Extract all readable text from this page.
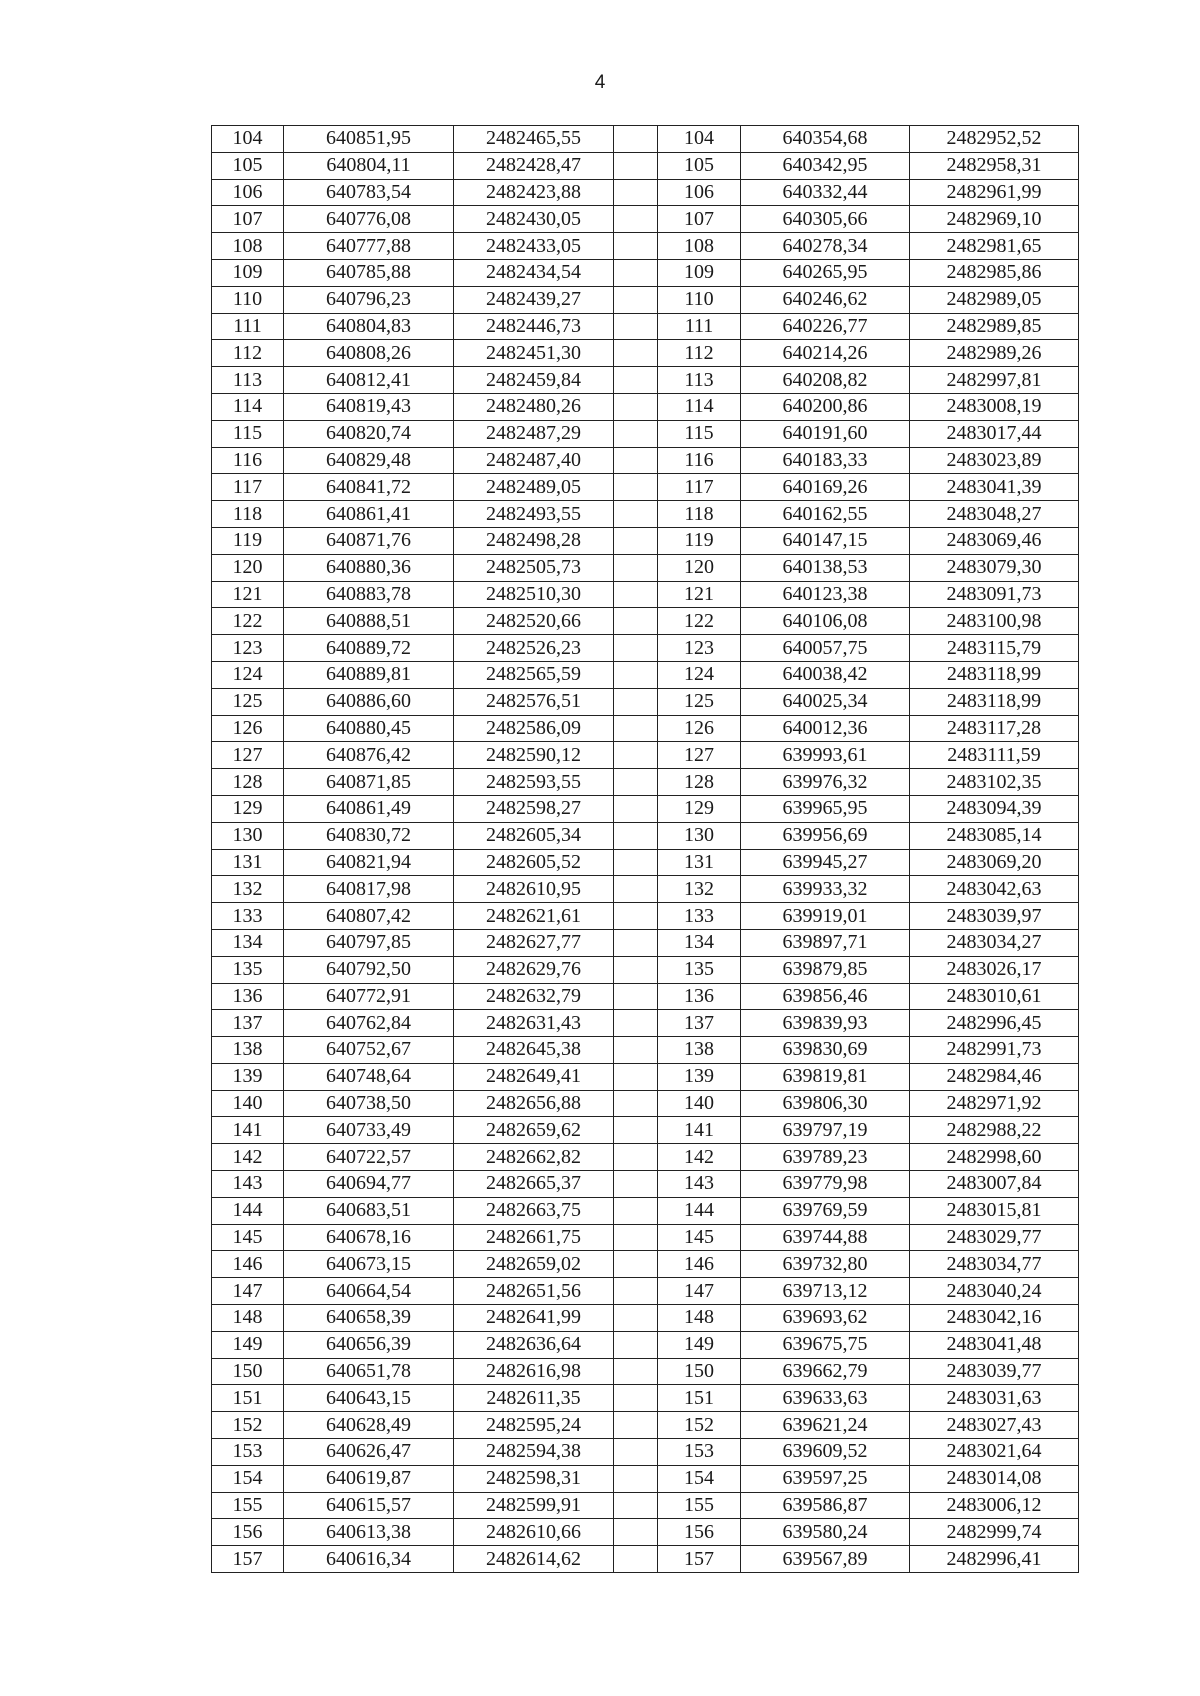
4
104	640851,95	2482465,55		104	640354,68	2482952,52
105	640804,11	2482428,47		105	640342,95	2482958,31
106	640783,54	2482423,88		106	640332,44	2482961,99
107	640776,08	2482430,05		107	640305,66	2482969,10
108	640777,88	2482433,05		108	640278,34	2482981,65
109	640785,88	2482434,54		109	640265,95	2482985,86
110	640796,23	2482439,27		110	640246,62	2482989,05
111	640804,83	2482446,73		111	640226,77	2482989,85
112	640808,26	2482451,30		112	640214,26	2482989,26
113	640812,41	2482459,84		113	640208,82	2482997,81
114	640819,43	2482480,26		114	640200,86	2483008,19
115	640820,74	2482487,29		115	640191,60	2483017,44
116	640829,48	2482487,40		116	640183,33	2483023,89
117	640841,72	2482489,05		117	640169,26	2483041,39
118	640861,41	2482493,55		118	640162,55	2483048,27
119	640871,76	2482498,28		119	640147,15	2483069,46
120	640880,36	2482505,73		120	640138,53	2483079,30
121	640883,78	2482510,30		121	640123,38	2483091,73
122	640888,51	2482520,66		122	640106,08	2483100,98
123	640889,72	2482526,23		123	640057,75	2483115,79
124	640889,81	2482565,59		124	640038,42	2483118,99
125	640886,60	2482576,51		125	640025,34	2483118,99
126	640880,45	2482586,09		126	640012,36	2483117,28
127	640876,42	2482590,12		127	639993,61	2483111,59
128	640871,85	2482593,55		128	639976,32	2483102,35
129	640861,49	2482598,27		129	639965,95	2483094,39
130	640830,72	2482605,34		130	639956,69	2483085,14
131	640821,94	2482605,52		131	639945,27	2483069,20
132	640817,98	2482610,95		132	639933,32	2483042,63
133	640807,42	2482621,61		133	639919,01	2483039,97
134	640797,85	2482627,77		134	639897,71	2483034,27
135	640792,50	2482629,76		135	639879,85	2483026,17
136	640772,91	2482632,79		136	639856,46	2483010,61
137	640762,84	2482631,43		137	639839,93	2482996,45
138	640752,67	2482645,38		138	639830,69	2482991,73
139	640748,64	2482649,41		139	639819,81	2482984,46
140	640738,50	2482656,88		140	639806,30	2482971,92
141	640733,49	2482659,62		141	639797,19	2482988,22
142	640722,57	2482662,82		142	639789,23	2482998,60
143	640694,77	2482665,37		143	639779,98	2483007,84
144	640683,51	2482663,75		144	639769,59	2483015,81
145	640678,16	2482661,75		145	639744,88	2483029,77
146	640673,15	2482659,02		146	639732,80	2483034,77
147	640664,54	2482651,56		147	639713,12	2483040,24
148	640658,39	2482641,99		148	639693,62	2483042,16
149	640656,39	2482636,64		149	639675,75	2483041,48
150	640651,78	2482616,98		150	639662,79	2483039,77
151	640643,15	2482611,35		151	639633,63	2483031,63
152	640628,49	2482595,24		152	639621,24	2483027,43
153	640626,47	2482594,38		153	639609,52	2483021,64
154	640619,87	2482598,31		154	639597,25	2483014,08
155	640615,57	2482599,91		155	639586,87	2483006,12
156	640613,38	2482610,66		156	639580,24	2482999,74
157	640616,34	2482614,62		157	639567,89	2482996,41
